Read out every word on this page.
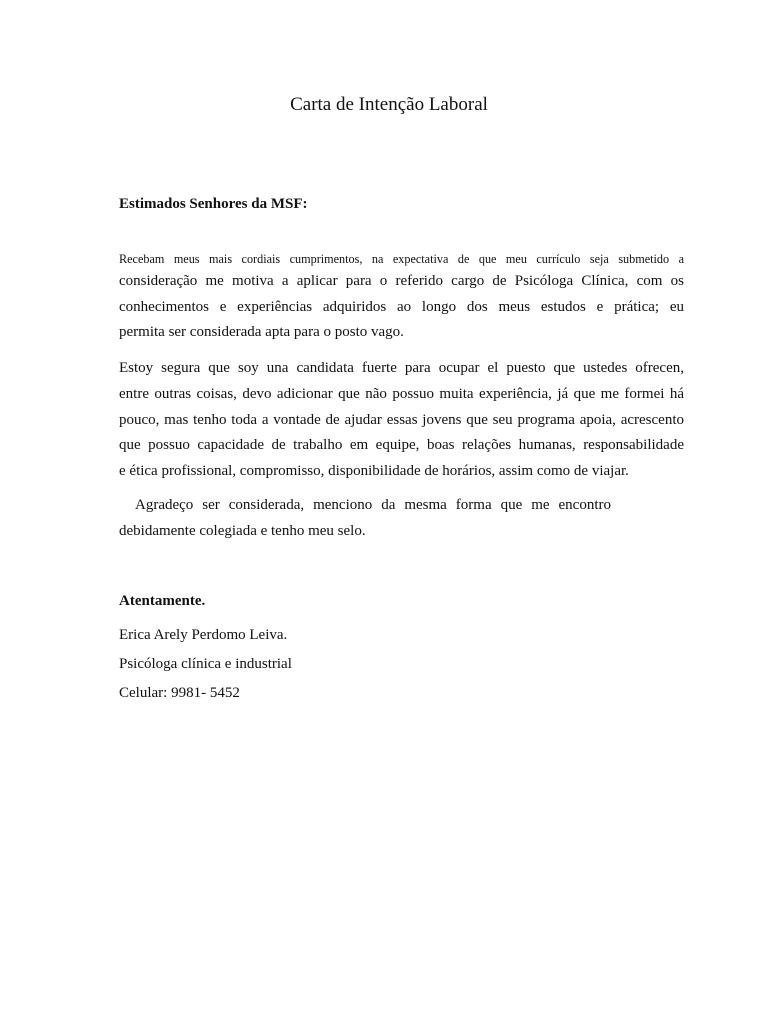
Carta de Intenção Laboral

Estimados Senhores da MSF:

Recebam meus mais cordiais cumprimentos, na expectativa de que meu currículo seja submetido a
consideração me motiva a aplicar para o referido cargo de Psicóloga Clínica, com os
conhecimentos e experiências adquiridos ao longo dos meus estudos e prática; eu
permita ser considerada apta para o posto vago.
Estoy segura que soy una candidata fuerte para ocupar el puesto que ustedes ofrecen,
entre outras coisas, devo adicionar que não possuo muita experiência, já que me formei há
pouco, mas tenho toda a vontade de ajudar essas jovens que seu programa apoia, acrescento
que possuo capacidade de trabalho em equipe, boas relações humanas, responsabilidade
e ética profissional, compromisso, disponibilidade de horários, assim como de viajar.
Agradeço ser considerada, menciono da mesma forma que me encontro
debidamente colegiada e tenho meu selo.

Atentamente.

Erica Arely Perdomo Leiva.

Psicóloga clínica e industrial

Celular: 9981- 5452
